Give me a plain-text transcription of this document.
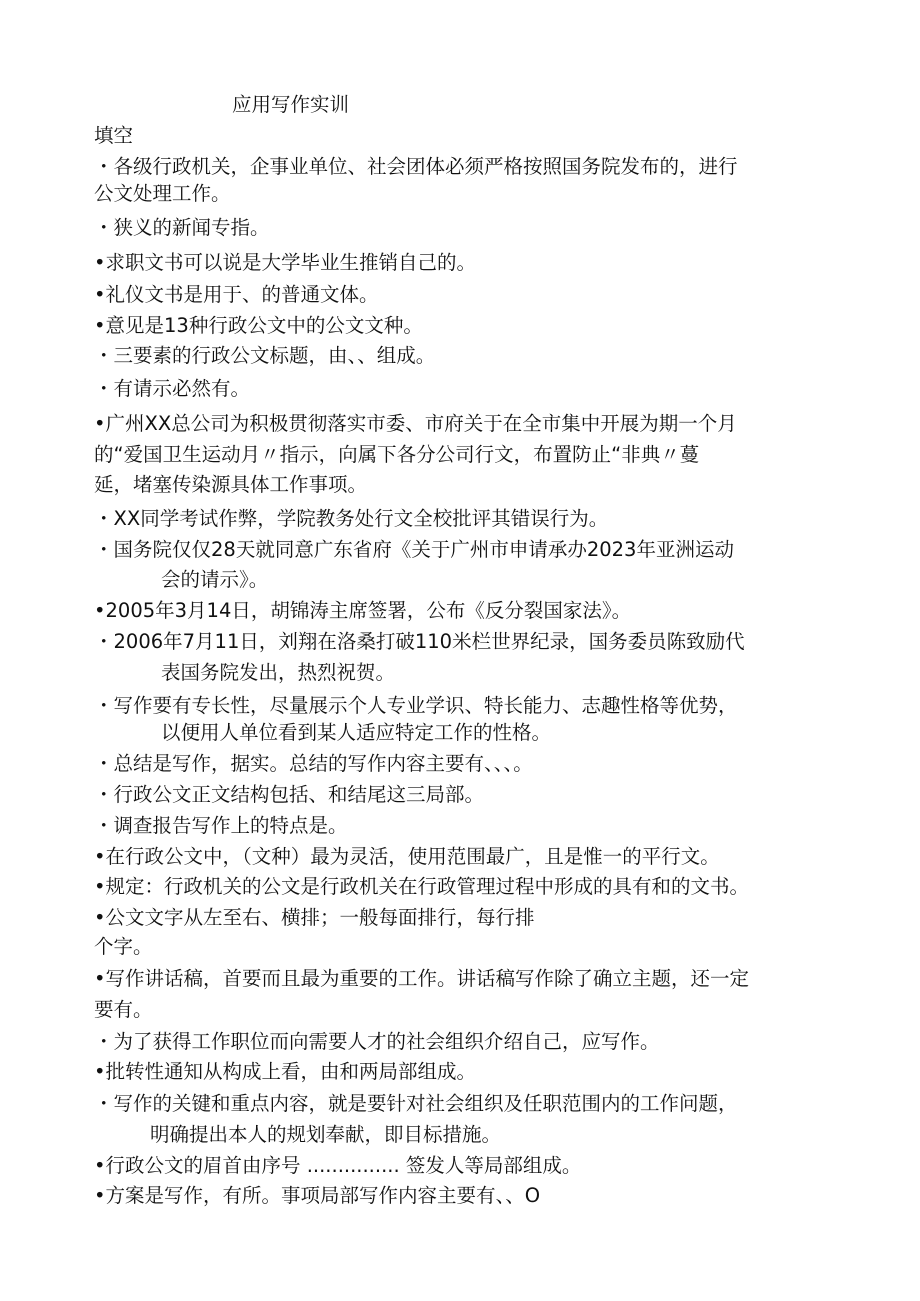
应用写作实训
填空
・各级行政机关，企事业单位、社会团体必须严格按照国务院发布的，进行
公文处理工作。
・狭义的新闻专指。
•求职文书可以说是大学毕业生推销自己的。
•礼仪文书是用于、的普通文体。
•意见是13种行政公文中的公文文种。
・三要素的行政公文标题，由、、组成。
・有请示必然有。
•广州XX总公司为积极贯彻落实市委、市府关于在全市集中开展为期一个月
的“爱国卫生运动月〃指示，向属下各分公司行文，布置防止“非典〃蔓
延，堵塞传染源具体工作事项。
・XX同学考试作弊，学院教务处行文全校批评其错误行为。
・国务院仅仅28天就同意广东省府《关于广州市申请承办2023年亚洲运动
会的请示》。
•2005年3月14日，胡锦涛主席签署，公布《反分裂国家法》。
・2006年7月11日，刘翔在洛桑打破110米栏世界纪录，国务委员陈致励代
表国务院发出，热烈祝贺。
・写作要有专长性，尽量展示个人专业学识、特长能力、志趣性格等优势，
以便用人单位看到某人适应特定工作的性格。
・总结是写作，据实。总结的写作内容主要有、、、。
・行政公文正文结构包括、和结尾这三局部。
・调查报告写作上的特点是。
•在行政公文中，（文种）最为灵活，使用范围最广，且是惟一的平行文。
•规定：行政机关的公文是行政机关在行政管理过程中形成的具有和的文书。
•公文文字从左至右、横排；一般每面排行，每行排
个字。
•写作讲话稿，首要而且最为重要的工作。讲话稿写作除了确立主题，还一定
要有。
・为了获得工作职位而向需要人才的社会组织介绍自己，应写作。
•批转性通知从构成上看，由和两局部组成。
・写作的关键和重点内容，就是要针对社会组织及任职范围内的工作问题，
明确提出本人的规划奉献，即目标措施。
•行政公文的眉首由序号 ............... 签发人等局部组成。
•方案是写作，有所。事项局部写作内容主要有、、O
